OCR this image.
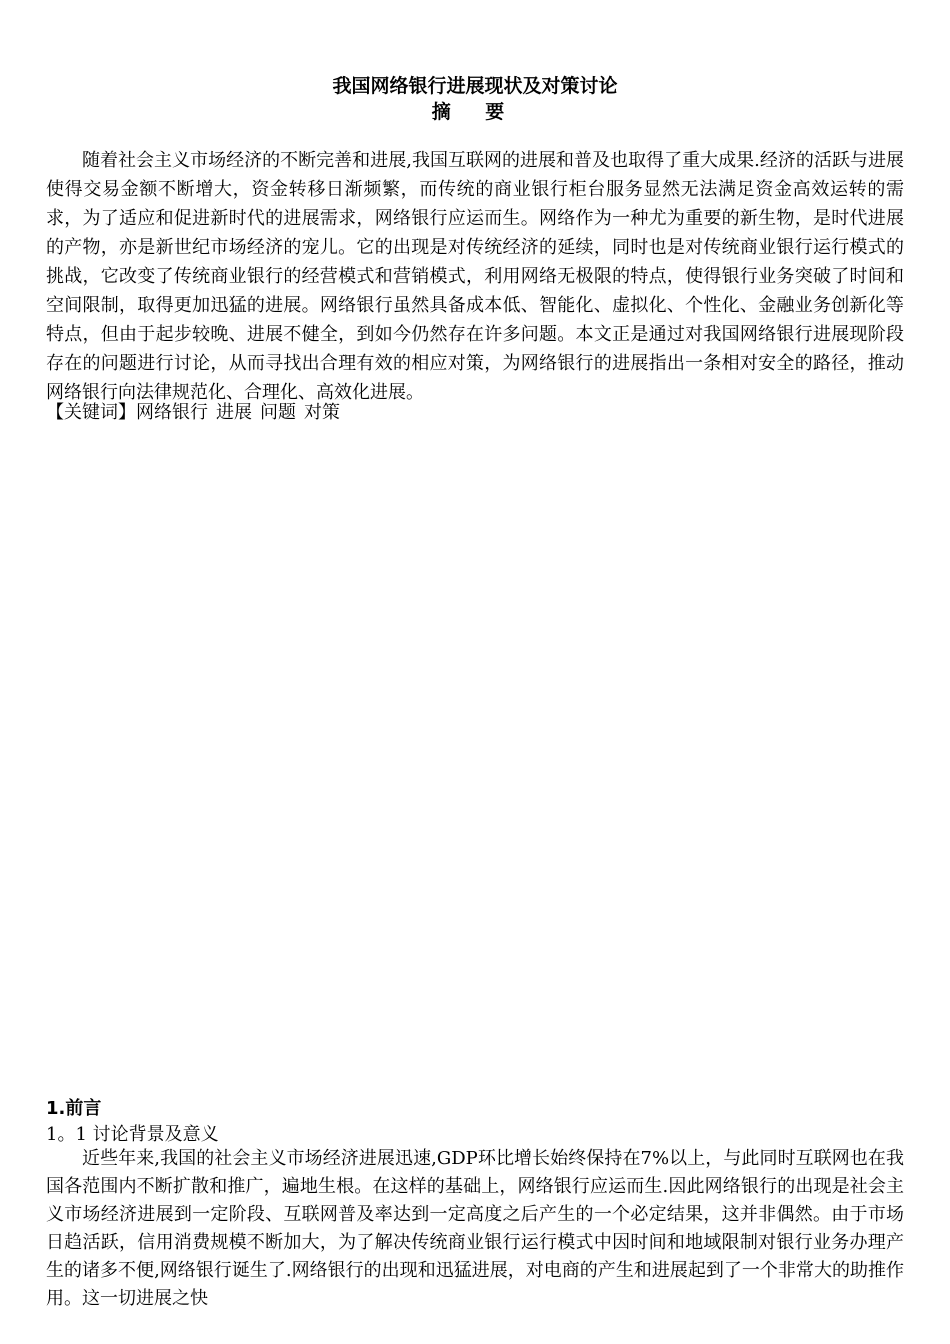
我国网络银行进展现状及对策讨论
摘 要

随着社会主义市场经济的不断完善和进展,我国互联网的进展和普及也取得了重大成果.经济的活跃与进展使得交易金额不断增大，资金转移日渐频繁，而传统的商业银行柜台服务显然无法满足资金高效运转的需求，为了适应和促进新时代的进展需求，网络银行应运而生。网络作为一种尤为重要的新生物，是时代进展的产物，亦是新世纪市场经济的宠儿。它的出现是对传统经济的延续，同时也是对传统商业银行运行模式的挑战，它改变了传统商业银行的经营模式和营销模式，利用网络无极限的特点，使得银行业务突破了时间和空间限制，取得更加迅猛的进展。网络银行虽然具备成本低、智能化、虚拟化、个性化、金融业务创新化等特点，但由于起步较晚、进展不健全，到如今仍然存在许多问题。本文正是通过对我国网络银行进展现阶段存在的问题进行讨论，从而寻找出合理有效的相应对策，为网络银行的进展指出一条相对安全的路径，推动网络银行向法律规范化、合理化、高效化进展。

【关键词】网络银行 进展 问题 对策
1.前言
1。1 讨论背景及意义

近些年来,我国的社会主义市场经济进展迅速,GDP环比增长始终保持在7%以上，与此同时互联网也在我国各范围内不断扩散和推广，遍地生根。在这样的基础上，网络银行应运而生.因此网络银行的出现是社会主义市场经济进展到一定阶段、互联网普及率达到一定高度之后产生的一个必定结果，这并非偶然。由于市场日趋活跃，信用消费规模不断加大，为了解决传统商业银行运行模式中因时间和地域限制对银行业务办理产生的诸多不便,网络银行诞生了.网络银行的出现和迅猛进展，对电商的产生和进展起到了一个非常大的助推作用。这一切进展之快
